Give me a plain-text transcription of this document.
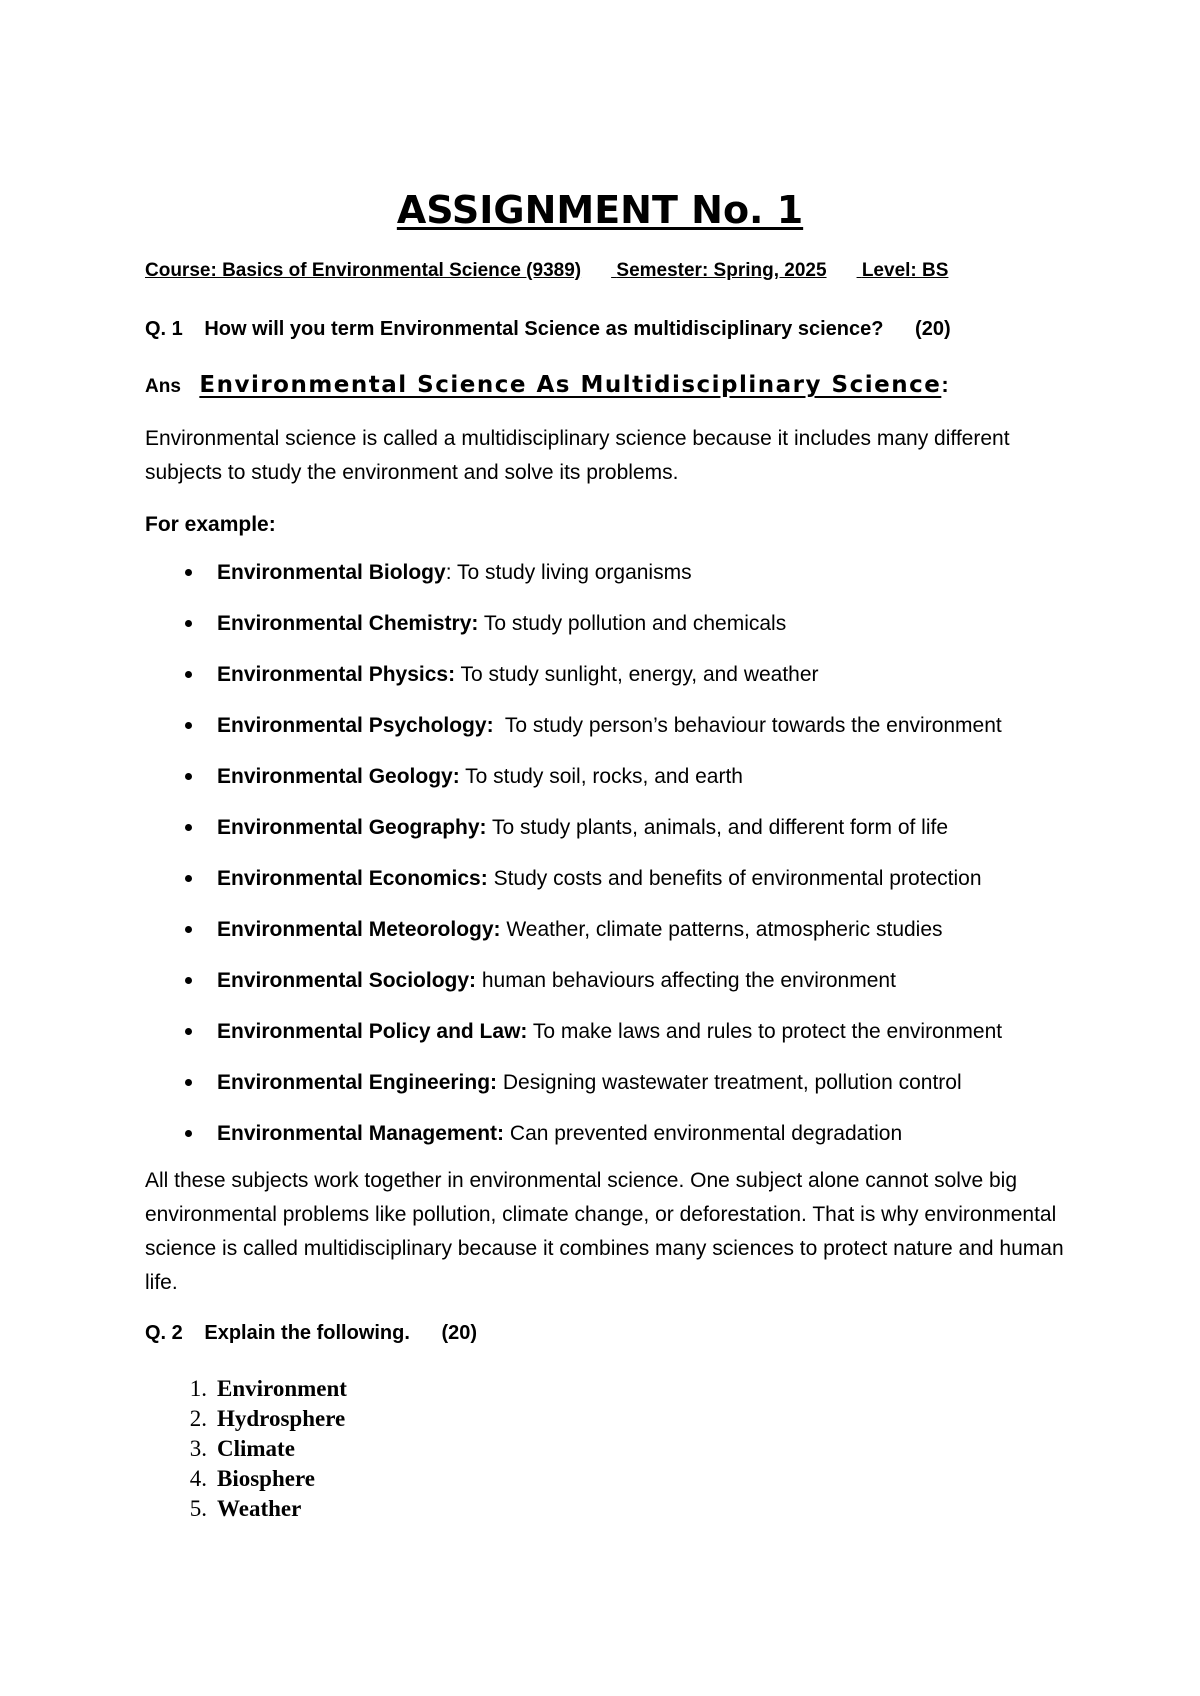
ASSIGNMENT No. 1
Course: Basics of Environmental Science (9389) Semester: Spring, 2025 Level: BS
Q. 1 How will you term Environmental Science as multidisciplinary science? (20)
Ans Environmental Science As Multidisciplinary Science:
Environmental science is called a multidisciplinary science because it includes many different subjects to study the environment and solve its problems.
For example:
Environmental Biology: To study living organisms
Environmental Chemistry: To study pollution and chemicals
Environmental Physics: To study sunlight, energy, and weather
Environmental Psychology:  To study person’s behaviour towards the environment
Environmental Geology: To study soil, rocks, and earth
Environmental Geography: To study plants, animals, and different form of life
Environmental Economics: Study costs and benefits of environmental protection
Environmental Meteorology: Weather, climate patterns, atmospheric studies
Environmental Sociology: human behaviours affecting the environment
Environmental Policy and Law: To make laws and rules to protect the environment
Environmental Engineering: Designing wastewater treatment, pollution control
Environmental Management: Can prevented environmental degradation
All these subjects work together in environmental science. One subject alone cannot solve big environmental problems like pollution, climate change, or deforestation. That is why environmental science is called multidisciplinary because it combines many sciences to protect nature and human life.
Q. 2 Explain the following. (20)
1. Environment
2. Hydrosphere
3. Climate
4. Biosphere
5. Weather
